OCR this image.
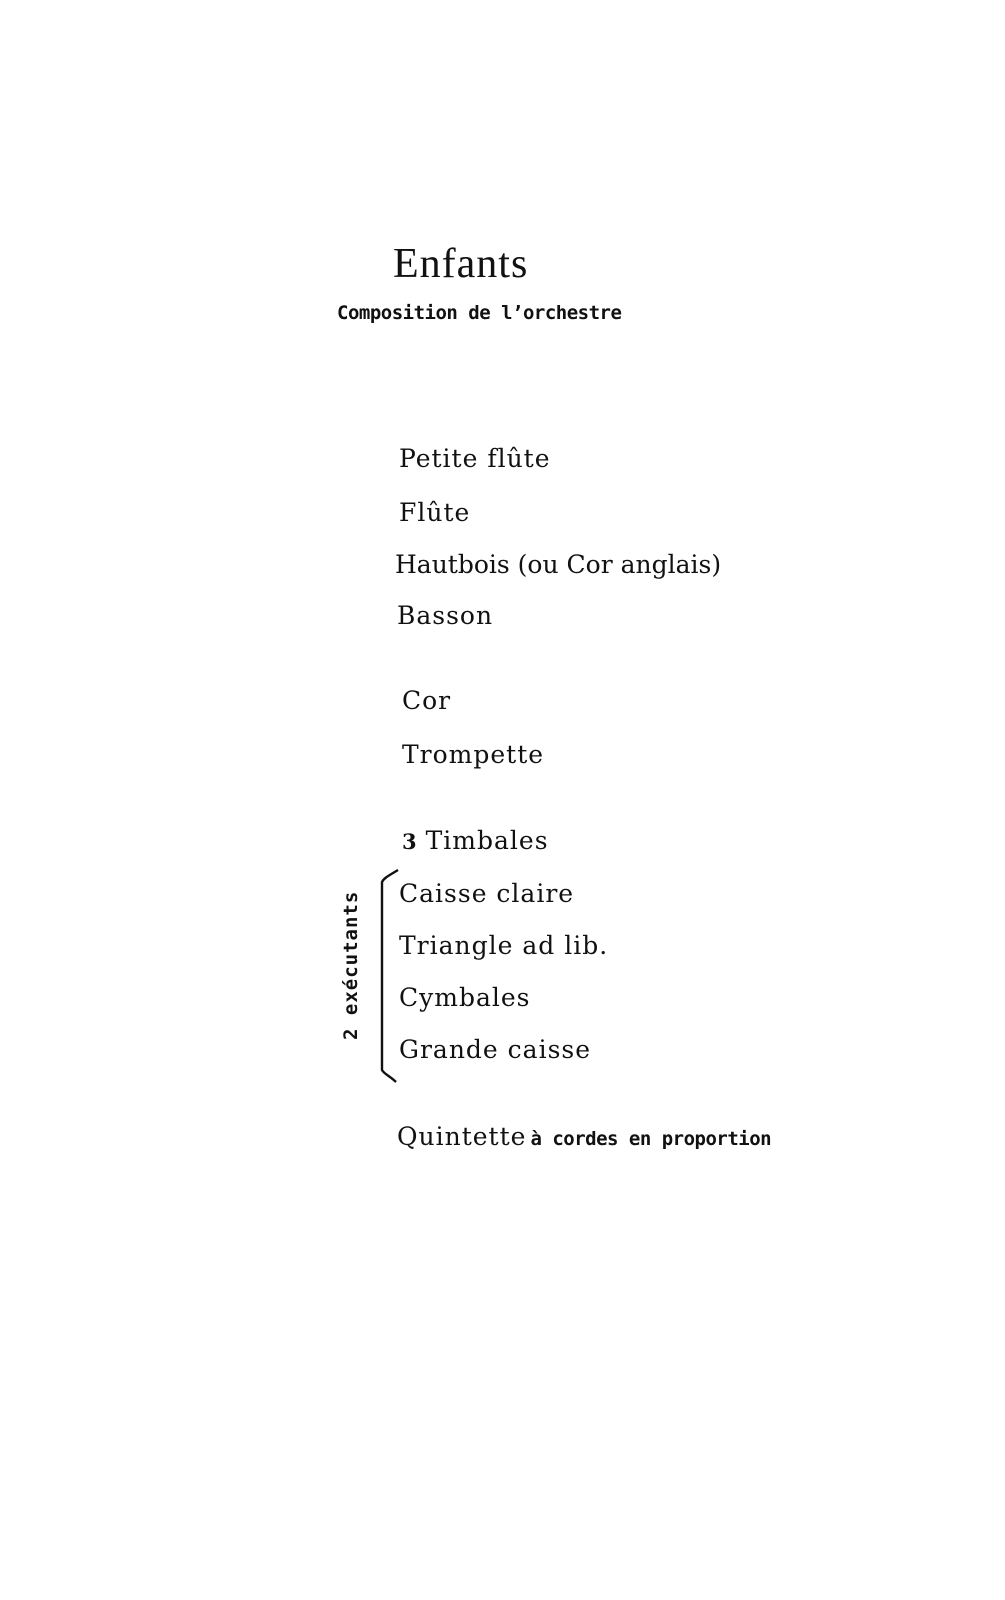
Enfants
Composition de l’orchestre
Petite flûte
Flûte
Hautbois (ou Cor anglais)
Basson
Cor
Trompette
3 Timbales
2 exécutants Caisse claire
Triangle ad lib.
Cymbales
Grande caisse
Quintette à cordes en proportion
